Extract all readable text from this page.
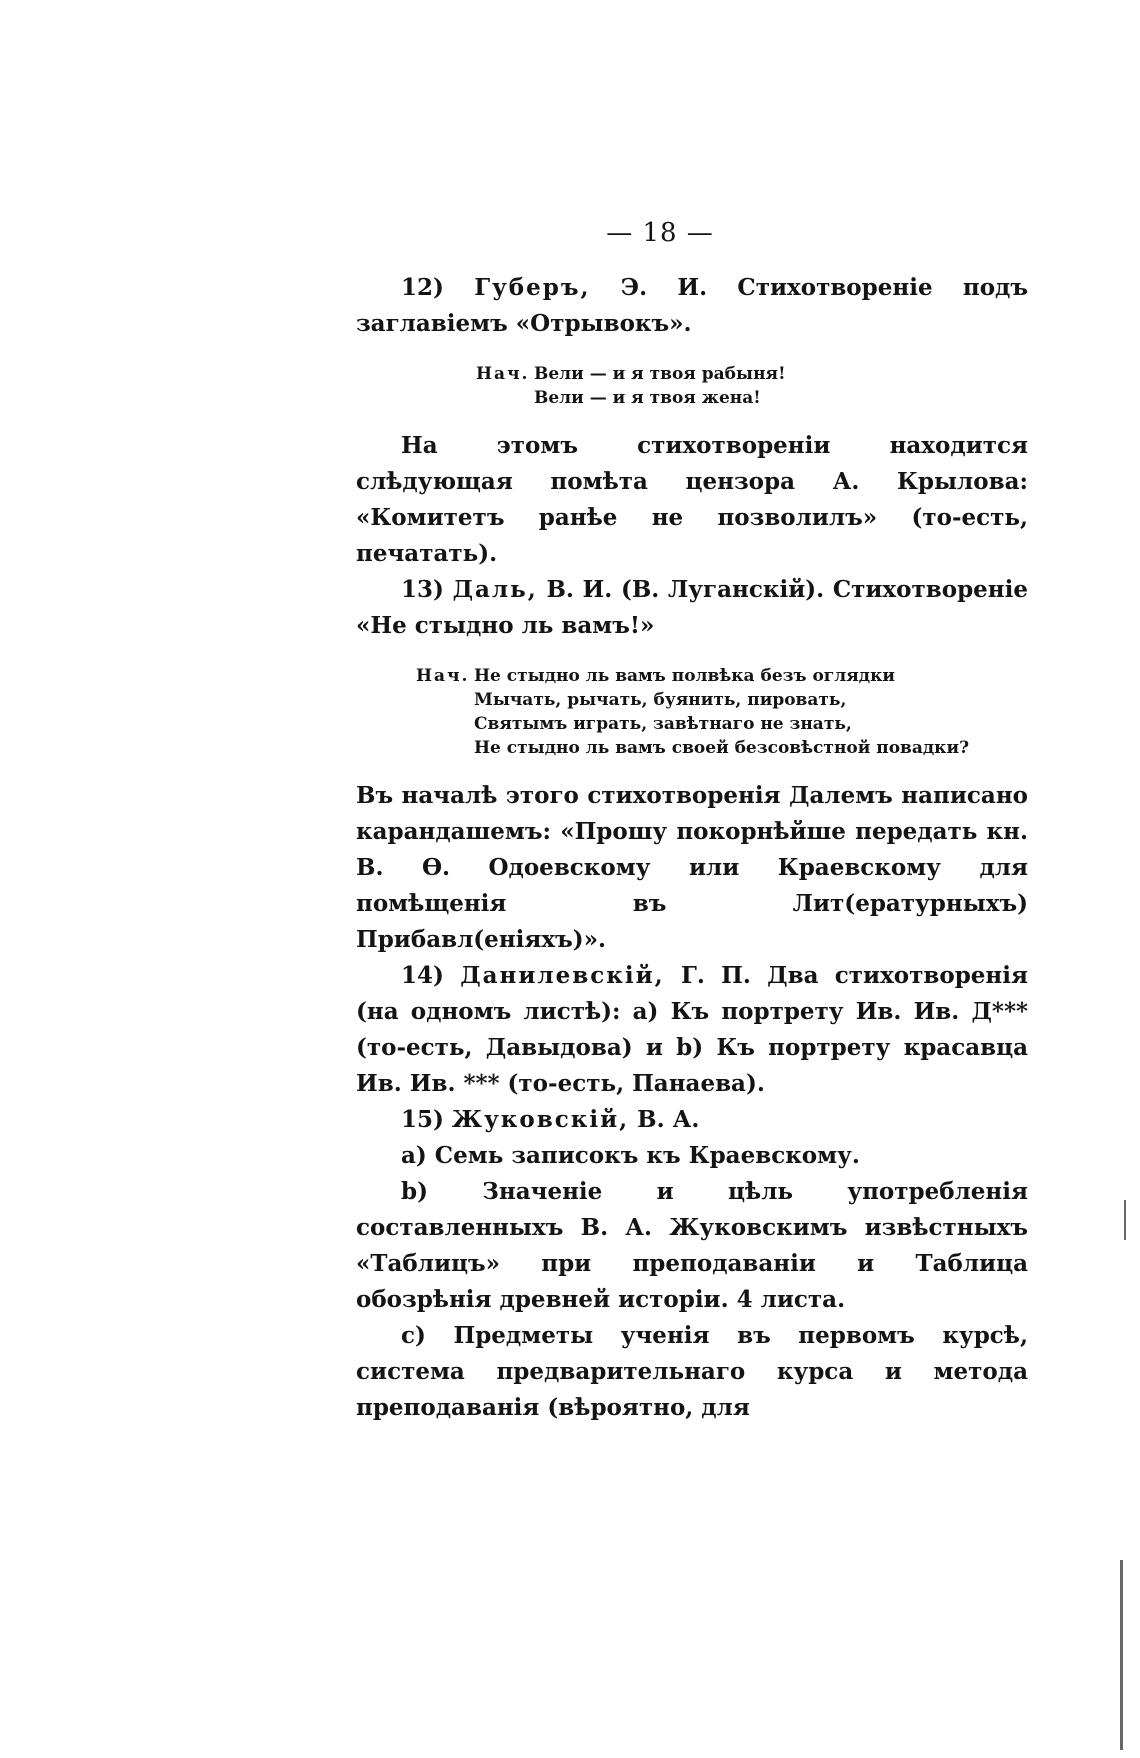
— 18 —

12) Губеръ, Э. И. Стихотвореніе подъ заглавіемъ «Отрывокъ».

Нач. Вели — и я твоя рабыня!
Вели — и я твоя жена!

На этомъ стихотвореніи находится слѣдующая помѣта цензора А. Крылова: «Комитетъ ранѣе не позволилъ» (то-есть, печатать).

13) Даль, В. И. (В. Луганскій). Стихотвореніе «Не стыдно ль вамъ!»

Нач. Не стыдно ль вамъ полвѣка безъ оглядки
Мычать, рычать, буянить, пировать,
Святымъ играть, завѣтнаго не знать,
Не стыдно ль вамъ своей безсовѣстной повадки?

Въ началѣ этого стихотворенія Далемъ написано карандашемъ: «Прошу покорнѣйше передать кн. В. Ѳ. Одоевскому или Краевскому для помѣщенія въ Лит(ературныхъ) Прибавл(еніяхъ)».

14) Данилевскій, Г. П. Два стихотворенія (на одномъ листѣ): a) Къ портрету Ив. Ив. Д*** (то-есть, Давыдова) и b) Къ портрету красавца Ив. Ив. *** (то-есть, Панаева).

15) Жуковскій, В. А.

a) Семь записокъ къ Краевскому.

b) Значеніе и цѣль употребленія составленныхъ В. А. Жуковскимъ извѣстныхъ «Таблицъ» при преподаваніи и Таблица обозрѣнія древней исторіи. 4 листа.

c) Предметы ученія въ первомъ курсѣ, система предварительнаго курса и метода преподаванія (вѣроятно, для
